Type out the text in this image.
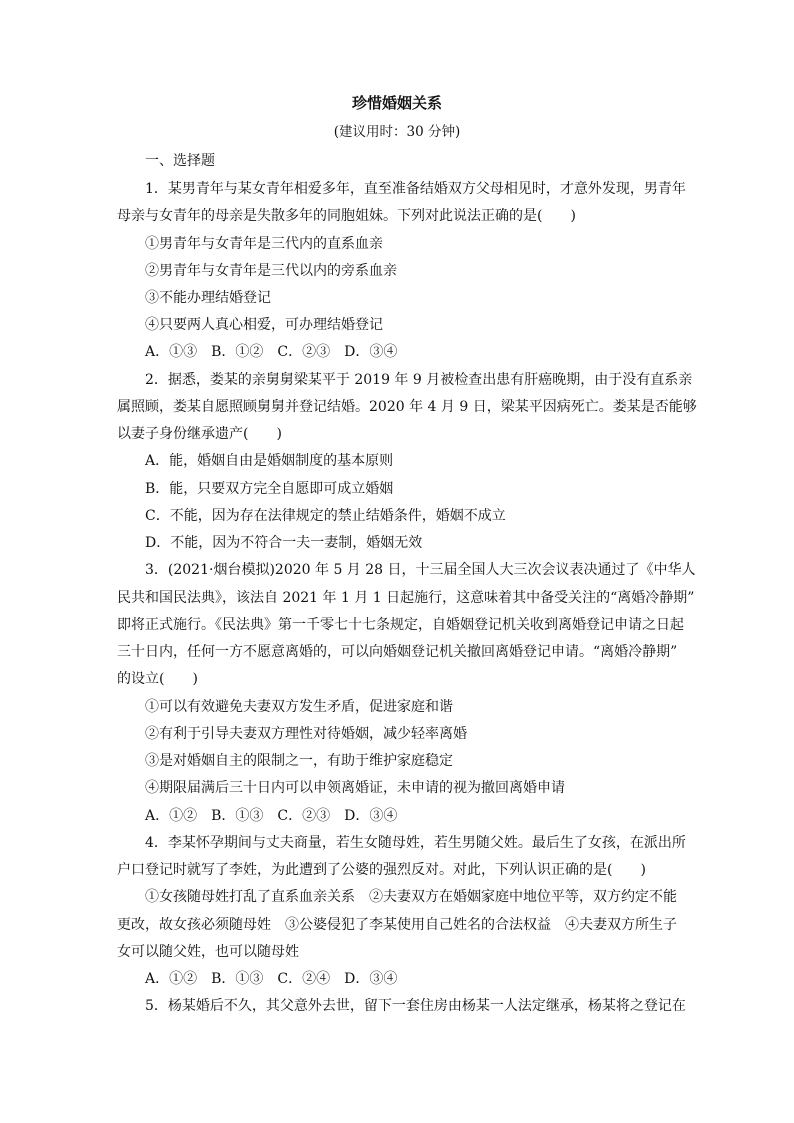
珍惜婚姻关系
(建议用时：30 分钟)
一、选择题
1．某男青年与某女青年相爱多年，直至准备结婚双方父母相见时，才意外发现，男青年
母亲与女青年的母亲是失散多年的同胞姐妹。下列对此说法正确的是(　　)
①男青年与女青年是三代内的直系血亲
②男青年与女青年是三代以内的旁系血亲
③不能办理结婚登记
④只要两人真心相爱，可办理结婚登记
A．①③　B．①②　C．②③　D．③④
2．据悉，娄某的亲舅舅梁某平于 2019 年 9 月被检查出患有肝癌晚期，由于没有直系亲
属照顾，娄某自愿照顾舅舅并登记结婚。2020 年 4 月 9 日，梁某平因病死亡。娄某是否能够
以妻子身份继承遗产(　　)
A．能，婚姻自由是婚姻制度的基本原则
B．能，只要双方完全自愿即可成立婚姻
C．不能，因为存在法律规定的禁止结婚条件，婚姻不成立
D．不能，因为不符合一夫一妻制，婚姻无效
3．(2021·烟台模拟)2020 年 5 月 28 日，十三届全国人大三次会议表决通过了《中华人
民共和国民法典》，该法自 2021 年 1 月 1 日起施行，这意味着其中备受关注的“离婚冷静期”
即将正式施行。《民法典》第一千零七十七条规定，自婚姻登记机关收到离婚登记申请之日起
三十日内，任何一方不愿意离婚的，可以向婚姻登记机关撤回离婚登记申请。“离婚冷静期”
的设立(　　)
①可以有效避免夫妻双方发生矛盾，促进家庭和谐
②有利于引导夫妻双方理性对待婚姻，减少轻率离婚
③是对婚姻自主的限制之一，有助于维护家庭稳定
④期限届满后三十日内可以申领离婚证，未申请的视为撤回离婚申请
A．①②　B．①③　C．②③　D．③④
4．李某怀孕期间与丈夫商量，若生女随母姓，若生男随父姓。最后生了女孩，在派出所
户口登记时就写了李姓，为此遭到了公婆的强烈反对。对此，下列认识正确的是(　　)
①女孩随母姓打乱了直系血亲关系　②夫妻双方在婚姻家庭中地位平等，双方约定不能
更改，故女孩必须随母姓　③公婆侵犯了李某使用自己姓名的合法权益　④夫妻双方所生子
女可以随父姓，也可以随母姓
A．①②　B．①③　C．②④　D．③④
5．杨某婚后不久，其父意外去世，留下一套住房由杨某一人法定继承，杨某将之登记在
